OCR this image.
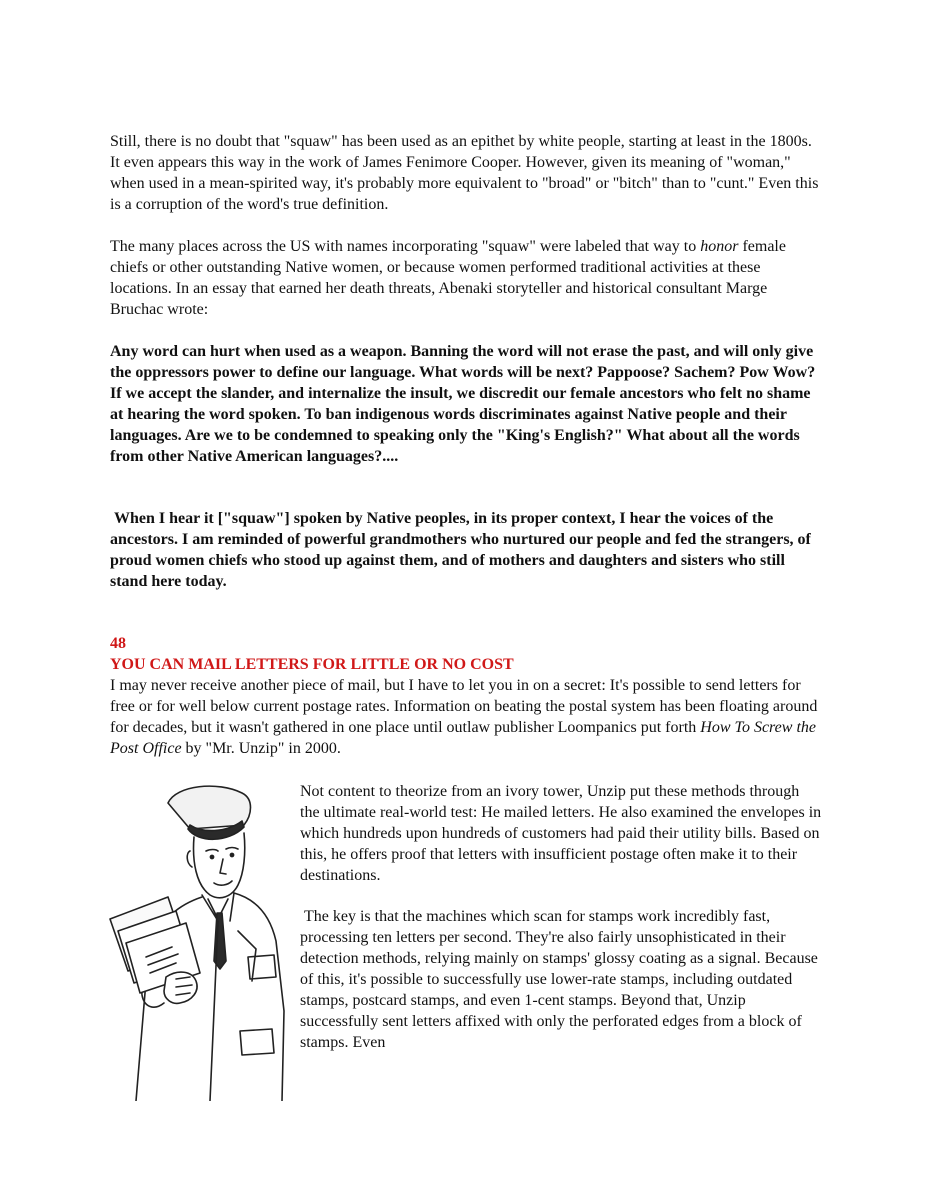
Still, there is no doubt that "squaw" has been used as an epithet by white people, starting at least in the 1800s. It even appears this way in the work of James Fenimore Cooper. However, given its meaning of "woman," when used in a mean-spirited way, it's probably more equivalent to "broad" or "bitch" than to "cunt." Even this is a corruption of the word's true definition.

The many places across the US with names incorporating "squaw" were labeled that way to honor female chiefs or other outstanding Native women, or because women performed traditional activities at these locations. In an essay that earned her death threats, Abenaki storyteller and historical consultant Marge Bruchac wrote:

Any word can hurt when used as a weapon. Banning the word will not erase the past, and will only give the oppressors power to define our language. What words will be next? Pappoose? Sachem? Pow Wow? If we accept the slander, and internalize the insult, we discredit our female ancestors who felt no shame at hearing the word spoken. To ban indigenous words discriminates against Native people and their languages. Are we to be condemned to speaking only the "King's English?" What about all the words from other Native American languages?....

When I hear it ["squaw"] spoken by Native peoples, in its proper context, I hear the voices of the ancestors. I am reminded of powerful grandmothers who nurtured our people and fed the strangers, of proud women chiefs who stood up against them, and of mothers and daughters and sisters who still stand here today.

48
YOU CAN MAIL LETTERS FOR LITTLE OR NO COST

I may never receive another piece of mail, but I have to let you in on a secret: It's possible to send letters for free or for well below current postage rates. Information on beating the postal system has been floating around for decades, but it wasn't gathered in one place until outlaw publisher Loompanics put forth How To Screw the Post Office by "Mr. Unzip" in 2000.

Not content to theorize from an ivory tower, Unzip put these methods through the ultimate real-world test: He mailed letters. He also examined the envelopes in which hundreds upon hundreds of customers had paid their utility bills. Based on this, he offers proof that letters with insufficient postage often make it to their destinations.

The key is that the machines which scan for stamps work incredibly fast, processing ten letters per second. They're also fairly unsophisticated in their detection methods, relying mainly on stamps' glossy coating as a signal. Because of this, it's possible to successfully use lower-rate stamps, including outdated stamps, postcard stamps, and even 1-cent stamps. Beyond that, Unzip successfully sent letters affixed with only the perforated edges from a block of stamps. Even
